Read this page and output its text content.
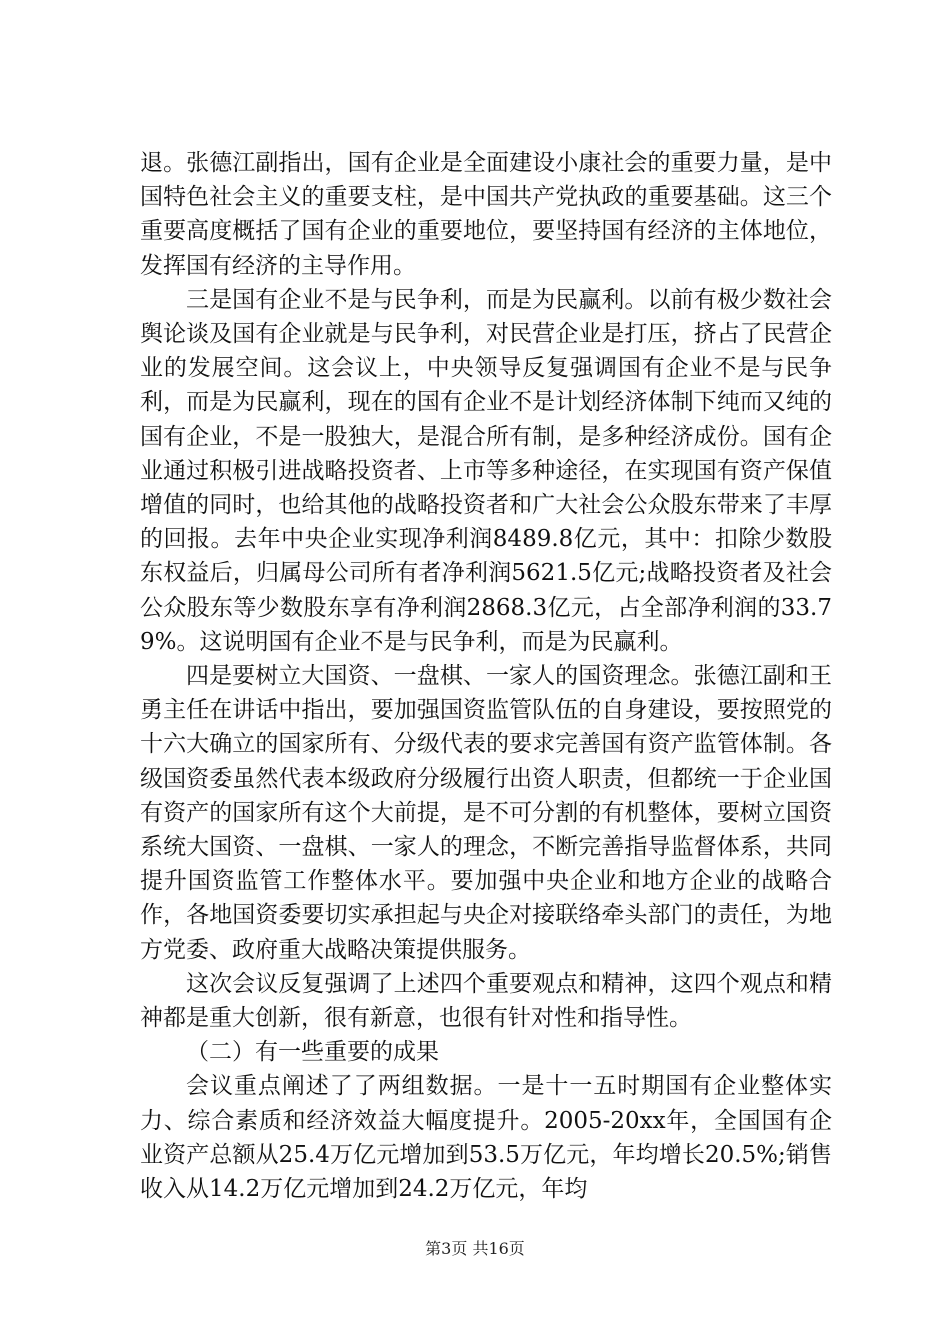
退。张德江副指出，国有企业是全面建设小康社会的重要力量，是中国特色社会主义的重要支柱，是中国共产党执政的重要基础。这三个重要高度概括了国有企业的重要地位，要坚持国有经济的主体地位，发挥国有经济的主导作用。

三是国有企业不是与民争利，而是为民赢利。以前有极少数社会舆论谈及国有企业就是与民争利，对民营企业是打压，挤占了民营企业的发展空间。这会议上，中央领导反复强调国有企业不是与民争利，而是为民赢利，现在的国有企业不是计划经济体制下纯而又纯的国有企业，不是一股独大，是混合所有制，是多种经济成份。国有企业通过积极引进战略投资者、上市等多种途径，在实现国有资产保值增值的同时，也给其他的战略投资者和广大社会公众股东带来了丰厚的回报。去年中央企业实现净利润8489.8亿元，其中：扣除少数股东权益后，归属母公司所有者净利润5621.5亿元;战略投资者及社会公众股东等少数股东享有净利润2868.3亿元，占全部净利润的33.79%。这说明国有企业不是与民争利，而是为民赢利。

四是要树立大国资、一盘棋、一家人的国资理念。张德江副和王勇主任在讲话中指出，要加强国资监管队伍的自身建设，要按照党的十六大确立的国家所有、分级代表的要求完善国有资产监管体制。各级国资委虽然代表本级政府分级履行出资人职责，但都统一于企业国有资产的国家所有这个大前提，是不可分割的有机整体，要树立国资系统大国资、一盘棋、一家人的理念，不断完善指导监督体系，共同提升国资监管工作整体水平。要加强中央企业和地方企业的战略合作，各地国资委要切实承担起与央企对接联络牵头部门的责任，为地方党委、政府重大战略决策提供服务。

这次会议反复强调了上述四个重要观点和精神，这四个观点和精神都是重大创新，很有新意，也很有针对性和指导性。

（二）有一些重要的成果

会议重点阐述了了两组数据。一是十一五时期国有企业整体实力、综合素质和经济效益大幅度提升。2005-20xx年，全国国有企业资产总额从25.4万亿元增加到53.5万亿元，年均增长20.5%;销售收入从14.2万亿元增加到24.2万亿元，年均

第3页 共16页
